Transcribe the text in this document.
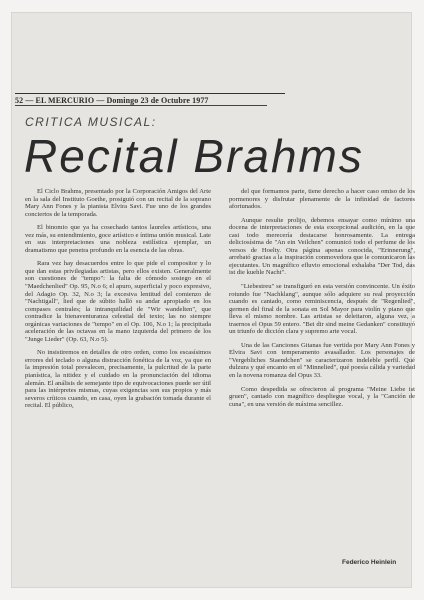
52 — EL MERCURIO — Domingo 23 de Octubre 1977
CRITICA MUSICAL:
Recital Brahms

El Ciclo Brahms, presentado por la Corporación Amigos del Arte en la sala del Instituto Goethe, prosiguió con un recital de la soprano Mary Ann Fones y la pianista Elvira Savi. Fue uno de los grandes conciertos de la temporada.

El binomio que ya ha cosechado tantos laureles artísticos, una vez más, su entendimiento, goce artístico e íntima unión musical. Late en sus interpretaciones una nobleza estilística ejemplar, un dramatismo que penetra profundo en la esencia de las obras.

Rara vez hay desacuerdos entre lo que pide el compositor y lo que dan estas privilegiadas artistas, pero ellos existen. Generalmente son cuestiones de "tempo": la falta de cómodo sosiego en el "Maedchenlied" Op. 95, N.o 6; el apuro, superficial y poco expresivo, del Adagio Op. 32, N.o 3; la excesiva lentitud del comienzo de "Nachtigall", lied que de súbito halló su andar apropiado en los compases centrales; la intranquilidad de "Wir wandelten", que contradice la bienaventuranza celestial del texto; las no siempre orgánicas variaciones de "tempo" en el Op. 106, N.o 1; la precipitada aceleración de las octavas en la mano izquierda del primero de los "Junge Lieder" (Op. 63, N.o 5).

No insistiremos en detalles de otro orden, como los escasísimos errores del teclado o alguna distracción fonética de la voz, ya que en la impresión total prevalecen, precisamente, la pulcritud de la parte pianística, la nitidez y el cuidado en la pronunciación del idioma alemán. El análisis de semejante tipo de equivocaciones puede ser útil para las intérpretes mismas, cuyas exigencias son sus propios y más severos críticos cuando, en casa, oyen la grabación tomada durante el recital. El público,

del que formamos parte, tiene derecho a hacer caso omiso de los pormenores y disfrutar plenamente de la infinidad de factores afortunados.

Aunque resulte prolijo, debemos ensayar como mínimo una docena de interpretaciones de esta excepcional audición, en la que casi todo merecería destacarse honrosamente. La entrega deliciosísima de "An ein Veilchen" comunicó todo el perfume de los versos de Hoelty. Otra página apenas conocida, "Erinnerung", arrebató gracias a la inspiración conmovedora que le comunicaron las ejecutantes. Un magnífico efluvio emocional exhalaba "Der Tod, das ist die kuehle Nacht".

"Liebestreu" se transfiguró en esta versión convincente. Un éxito rotundo fue "Nachklang", aunque sólo adquiere su real proyección cuando es cantado, como reminiscencia, después de "Regenlied", germen del final de la sonata en Sol Mayor para violín y piano que lleva el mismo nombre. Las artistas se deleitaron, alguna vez, a traernos el Opus 59 entero. "Bei dir sind meine Gedanken" constituyó un triunfo de dicción clara y supremo arte vocal.

Una de las Canciones Gitanas fue vertida por Mary Ann Fones y Elvira Savi con temperamento avasallador. Los personajes de "Vergebliches Staendchen" se caracterizaron indeleble perfil. Qué dulzura y qué encanto en el "Minnelied", qué poesía cálida y variedad en la novena romanza del Opus 33.

Como despedida se ofrecieron al programa "Meine Liebe ist gruen", cantado con magnífico despliegue vocal, y la "Canción de cuna", en una versión de máxima sencillez.

Federico Heinlein
